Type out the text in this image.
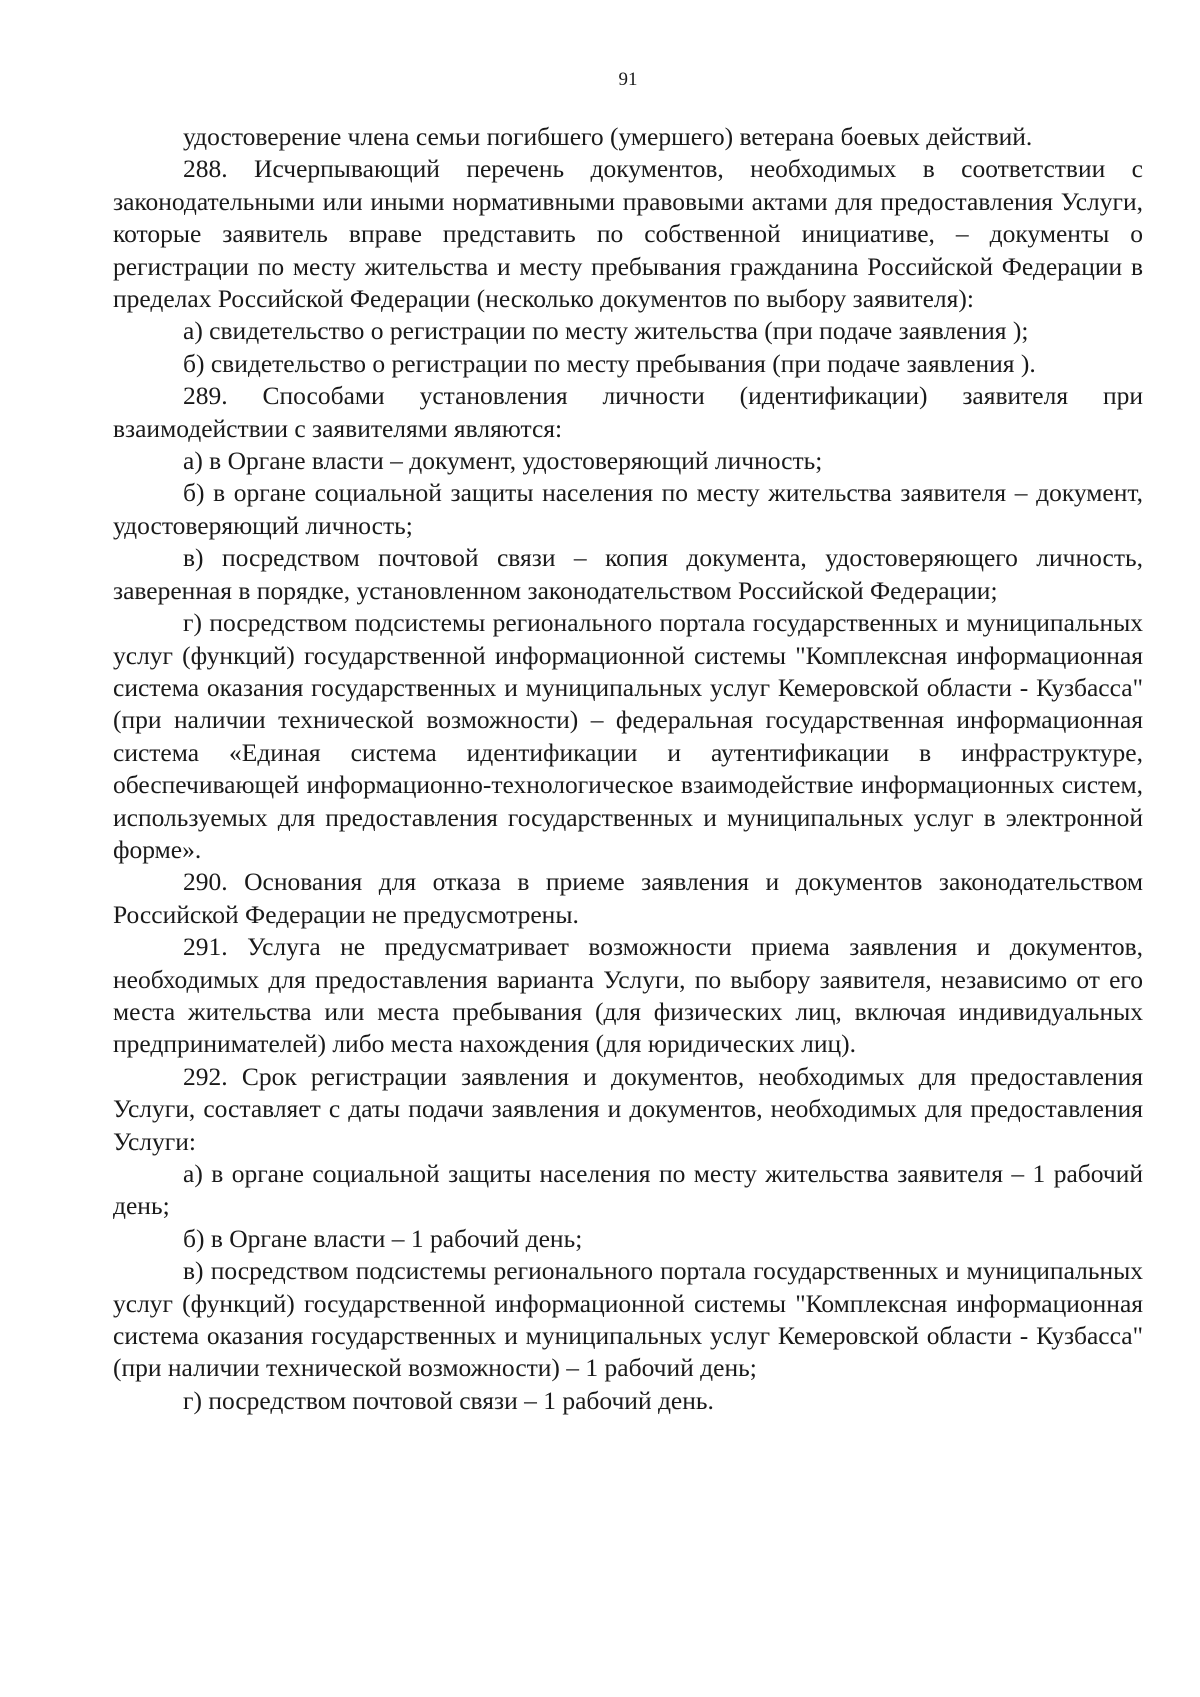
91

удостоверение члена семьи погибшего (умершего) ветерана боевых действий.

288. Исчерпывающий перечень документов, необходимых в соответствии с законодательными или иными нормативными правовыми актами для предоставления Услуги, которые заявитель вправе представить по собственной инициативе, – документы о регистрации по месту жительства и месту пребывания гражданина Российской Федерации в пределах Российской Федерации (несколько документов по выбору заявителя):

а) свидетельство о регистрации по месту жительства (при подаче заявления );

б) свидетельство о регистрации по месту пребывания (при подаче заявления ).

289. Способами установления личности (идентификации) заявителя при взаимодействии с заявителями являются:

а) в Органе власти – документ, удостоверяющий личность;

б) в органе социальной защиты населения по месту жительства заявителя – документ, удостоверяющий личность;

в) посредством почтовой связи – копия документа, удостоверяющего личность, заверенная в порядке, установленном законодательством Российской Федерации;

г) посредством подсистемы регионального портала государственных и муниципальных услуг (функций) государственной информационной системы "Комплексная информационная система оказания государственных и муниципальных услуг Кемеровской области - Кузбасса" (при наличии технической возможности) – федеральная государственная информационная система «Единая система идентификации и аутентификации в инфраструктуре, обеспечивающей информационно-технологическое взаимодействие информационных систем, используемых для предоставления государственных и муниципальных услуг в электронной форме».

290. Основания для отказа в приеме заявления и документов законодательством Российской Федерации не предусмотрены.

291. Услуга не предусматривает возможности приема заявления и документов, необходимых для предоставления варианта Услуги, по выбору заявителя, независимо от его места жительства или места пребывания (для физических лиц, включая индивидуальных предпринимателей) либо места нахождения (для юридических лиц).

292. Срок регистрации заявления и документов, необходимых для предоставления Услуги, составляет с даты подачи заявления и документов, необходимых для предоставления Услуги:

а) в органе социальной защиты населения по месту жительства заявителя – 1 рабочий день;

б) в Органе власти – 1 рабочий день;

в) посредством подсистемы регионального портала государственных и муниципальных услуг (функций) государственной информационной системы "Комплексная информационная система оказания государственных и муниципальных услуг Кемеровской области - Кузбасса" (при наличии технической возможности) – 1 рабочий день;

г) посредством почтовой связи – 1 рабочий день.
